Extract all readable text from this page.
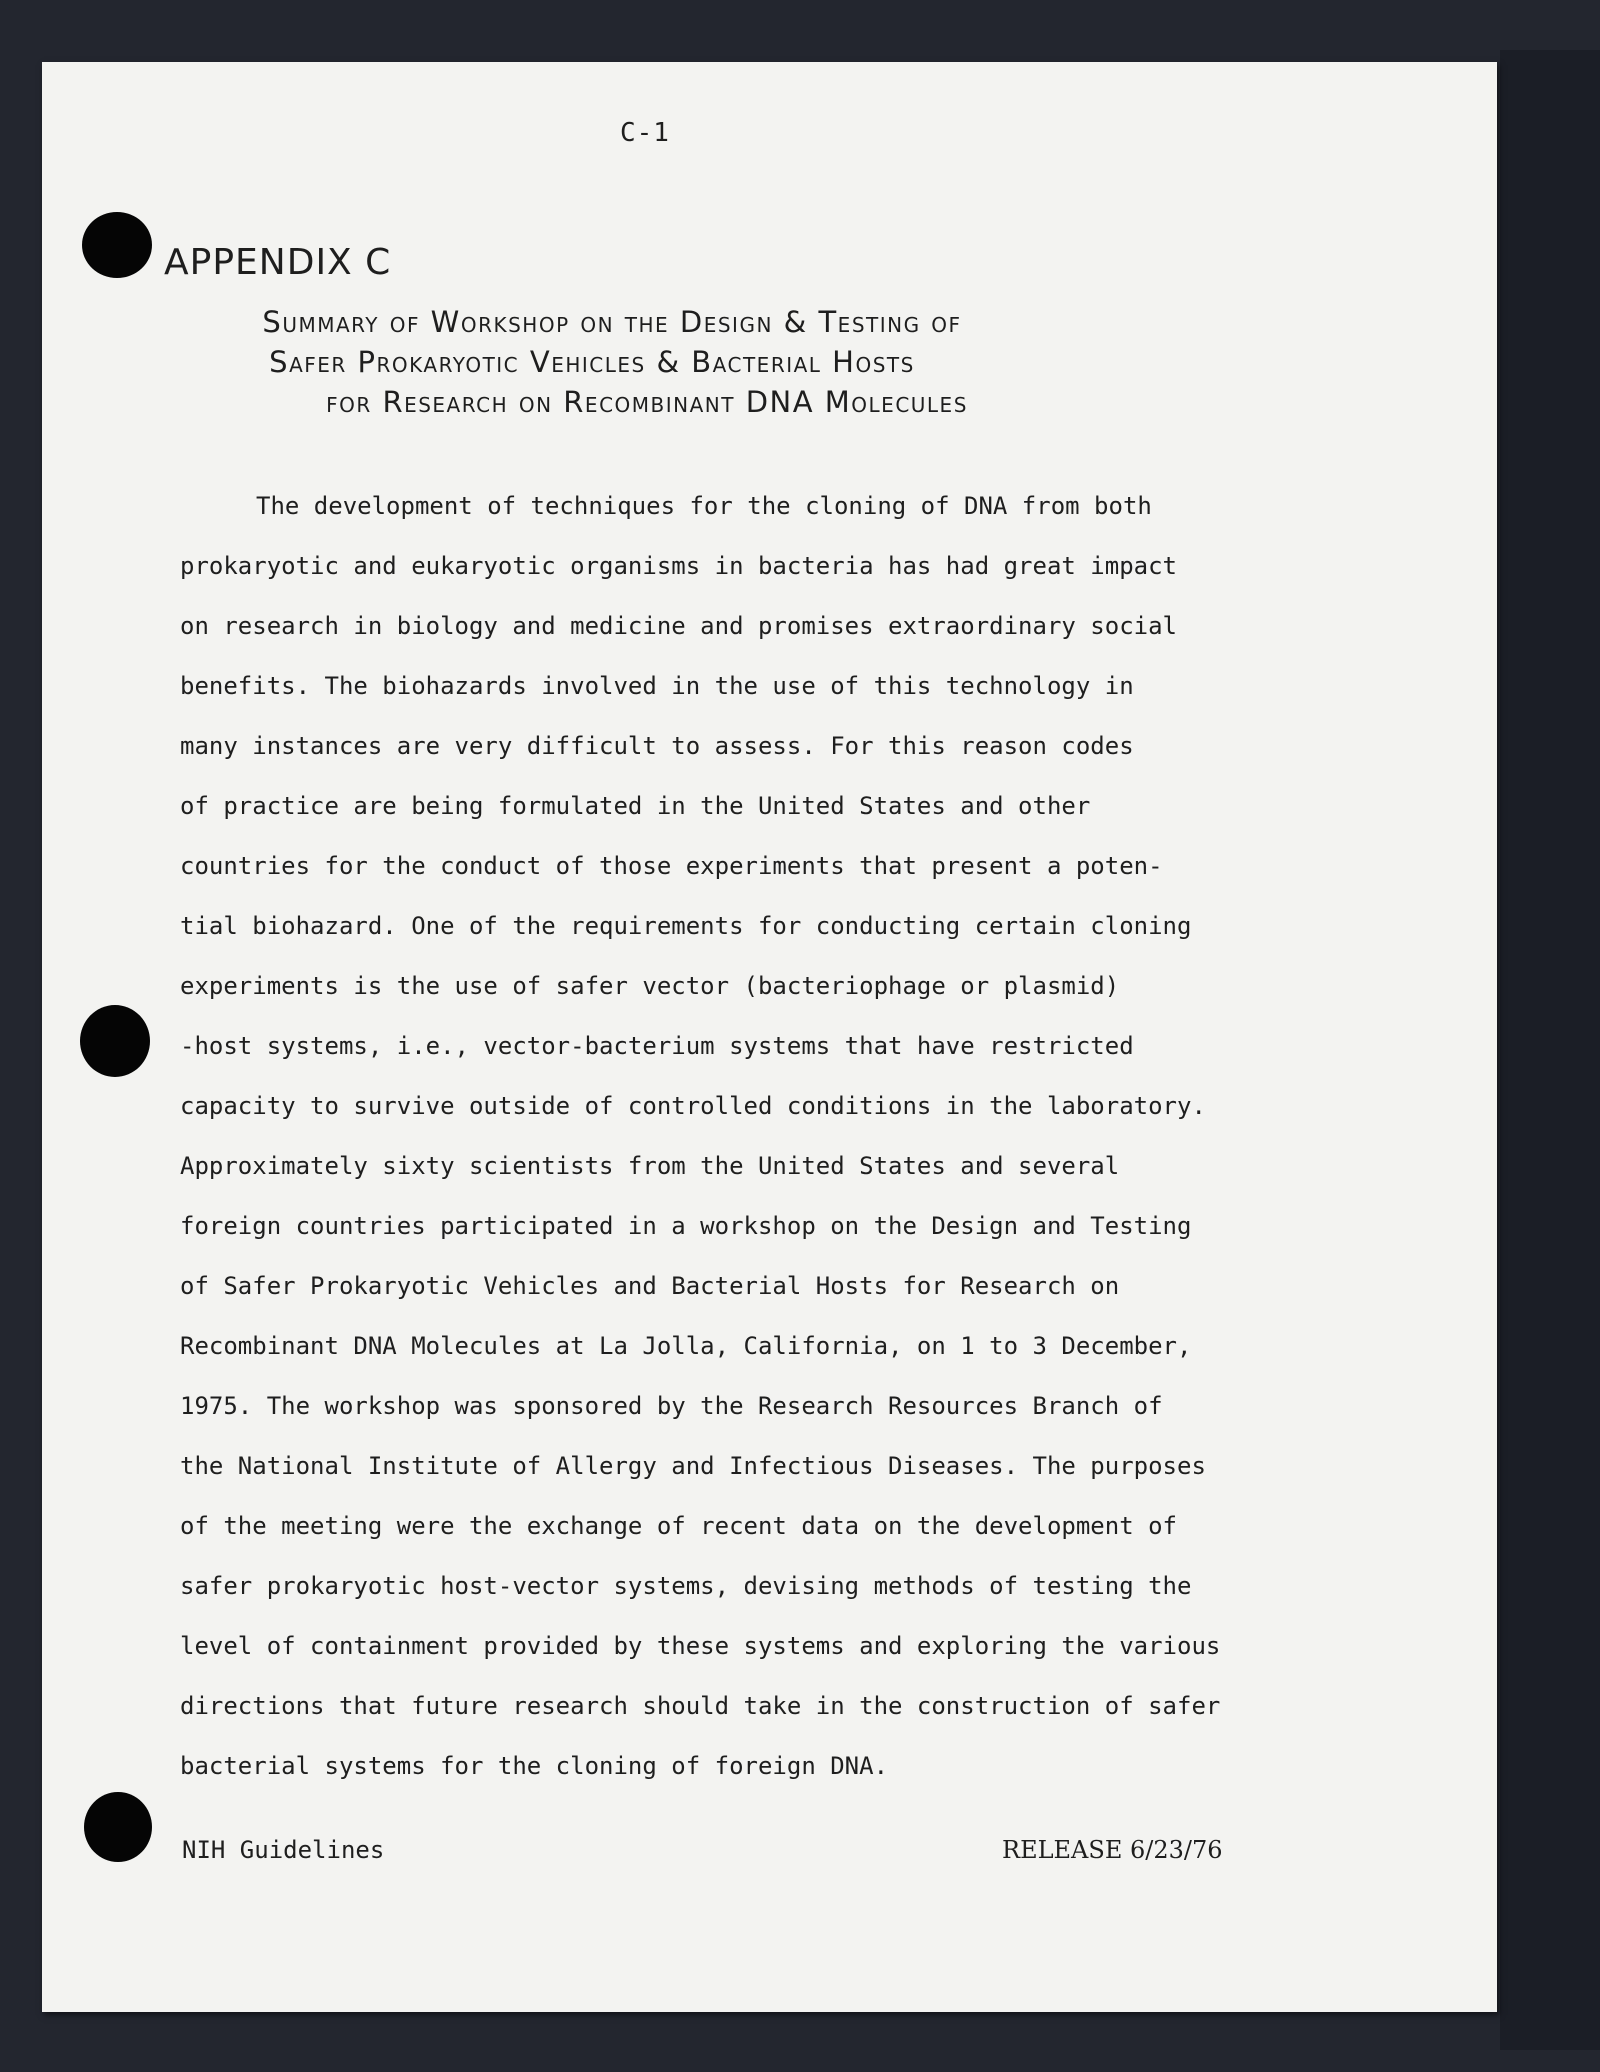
C-1
APPENDIX C
Summary of Workshop on the Design & Testing of
Safer Prokaryotic Vehicles & Bacterial Hosts
for Research on Recombinant DNA Molecules
The development of techniques for the cloning of DNA from both
prokaryotic and eukaryotic organisms in bacteria has had great impact
on research in biology and medicine and promises extraordinary social
benefits. The biohazards involved in the use of this technology in
many instances are very difficult to assess. For this reason codes
of practice are being formulated in the United States and other
countries for the conduct of those experiments that present a poten-
tial biohazard. One of the requirements for conducting certain cloning
experiments is the use of safer vector (bacteriophage or plasmid)
-host systems, i.e., vector-bacterium systems that have restricted
capacity to survive outside of controlled conditions in the laboratory.
Approximately sixty scientists from the United States and several
foreign countries participated in a workshop on the Design and Testing
of Safer Prokaryotic Vehicles and Bacterial Hosts for Research on
Recombinant DNA Molecules at La Jolla, California, on 1 to 3 December,
1975. The workshop was sponsored by the Research Resources Branch of
the National Institute of Allergy and Infectious Diseases. The purposes
of the meeting were the exchange of recent data on the development of
safer prokaryotic host-vector systems, devising methods of testing the
level of containment provided by these systems and exploring the various
directions that future research should take in the construction of safer
bacterial systems for the cloning of foreign DNA.
NIH Guidelines	RELEASE 6/23/76
